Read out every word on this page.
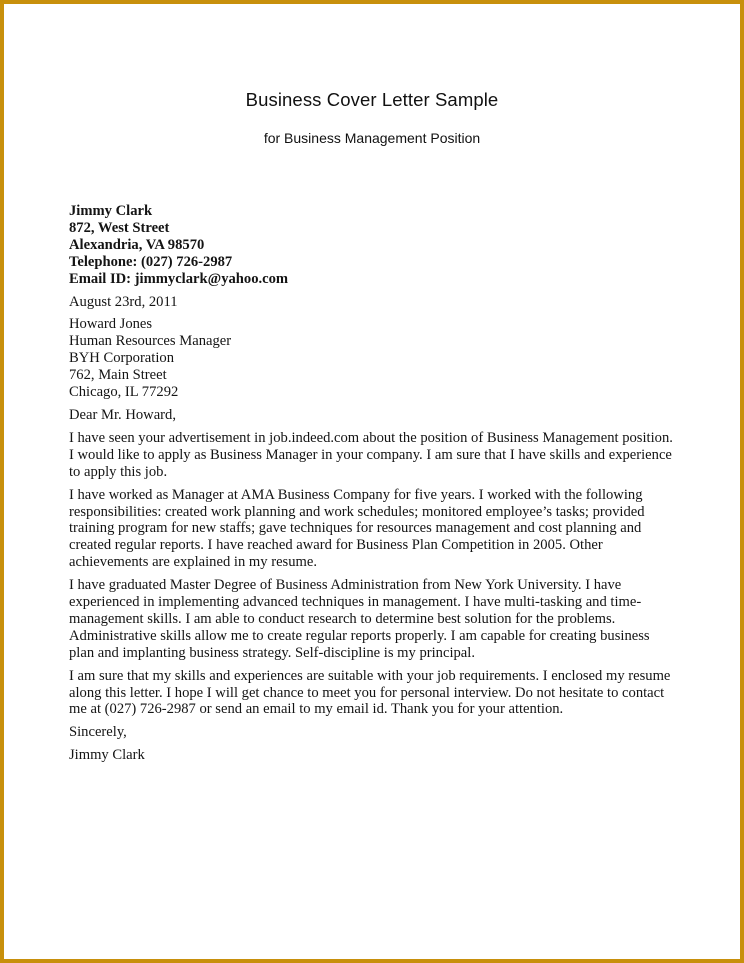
Business Cover Letter Sample
for Business Management Position
Jimmy Clark
872, West Street
Alexandria, VA 98570
Telephone: (027) 726-2987
Email ID: jimmyclark@yahoo.com
August 23rd, 2011
Howard Jones
Human Resources Manager
BYH Corporation
762, Main Street
Chicago, IL 77292
Dear Mr. Howard,
I have seen your advertisement in job.indeed.com about the position of Business Management position.
I would like to apply as Business Manager in your company. I am sure that I have skills and experience
to apply this job.
I have worked as Manager at AMA Business Company for five years. I worked with the following
responsibilities: created work planning and work schedules; monitored employee’s tasks; provided
training program for new staffs; gave techniques for resources management and cost planning and
created regular reports. I have reached award for Business Plan Competition in 2005. Other
achievements are explained in my resume.
I have graduated Master Degree of Business Administration from New York University. I have
experienced in implementing advanced techniques in management. I have multi-tasking and time-
management skills. I am able to conduct research to determine best solution for the problems.
Administrative skills allow me to create regular reports properly. I am capable for creating business
plan and implanting business strategy. Self-discipline is my principal.
I am sure that my skills and experiences are suitable with your job requirements. I enclosed my resume
along this letter. I hope I will get chance to meet you for personal interview. Do not hesitate to contact
me at (027) 726-2987 or send an email to my email id. Thank you for your attention.
Sincerely,
Jimmy Clark
